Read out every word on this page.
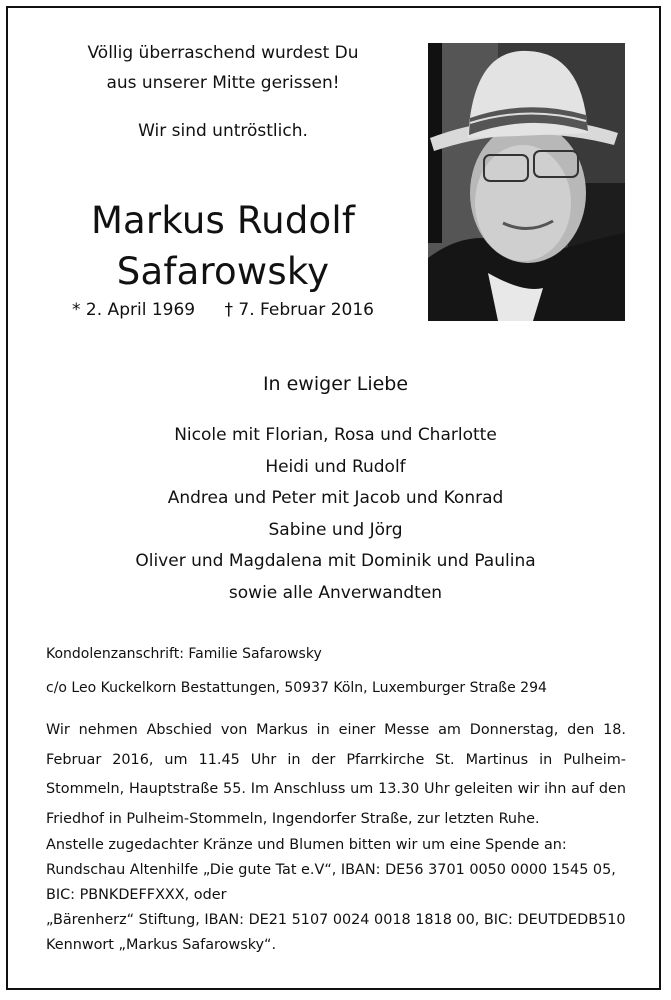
Völlig überraschend wurdest Du
aus unserer Mitte gerissen!
Wir sind untröstlich.
Markus Rudolf
Safarowsky
* 2. April 1969 † 7. Februar 2016
In ewiger Liebe
Nicole mit Florian, Rosa und Charlotte
Heidi und Rudolf
Andrea und Peter mit Jacob und Konrad
Sabine und Jörg
Oliver und Magdalena mit Dominik und Paulina
sowie alle Anverwandten
Kondolenzanschrift: Familie Safarowsky
c/o Leo Kuckelkorn Bestattungen, 50937 Köln, Luxemburger Straße 294
Wir nehmen Abschied von Markus in einer Messe am Donnerstag, den 18. Februar 2016, um 11.45 Uhr in der Pfarrkirche St. Martinus in Pulheim-Stommeln, Hauptstraße 55. Im Anschluss um 13.30 Uhr geleiten wir ihn auf den Friedhof in Pulheim-Stommeln, Ingendorfer Straße, zur letzten Ruhe.
Anstelle zugedachter Kränze und Blumen bitten wir um eine Spende an:
Rundschau Altenhilfe „Die gute Tat e.V“, IBAN: DE56 3701 0050 0000 1545 05,
BIC: PBNKDEFFXXX, oder
„Bärenherz“ Stiftung, IBAN: DE21 5107 0024 0018 1818 00, BIC: DEUTDEDB510
Kennwort „Markus Safarowsky“.
